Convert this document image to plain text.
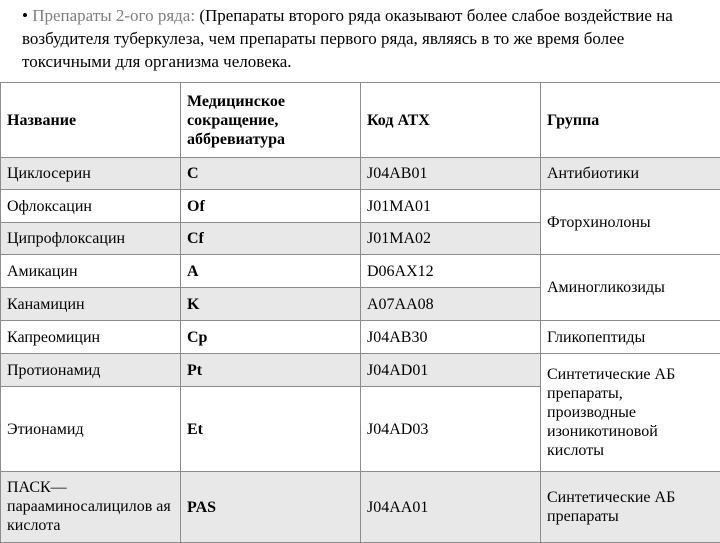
• Препараты 2-ого ряда: (Препараты второго ряда оказывают более слабое воздействие на возбудителя туберкулеза, чем препараты первого ряда, являясь в то же время более токсичными для организма человека.

Название	Медицинское сокращение, аббревиатура	Код АТХ	Группа
Циклосерин	C	J04AB01	Антибиотики
Офлоксацин	Of	J01MA01	Фторхинолоны
Ципрофлоксацин	Cf	J01MA02	
Амикацин	A	D06AX12	Аминогликозиды
Канамицин	K	A07AA08	
Капреомицин	Cp	J04AB30	Гликопептиды
Протионамид	Pt	J04AD01	Синтетические АБ препараты, производные изоникотиновой кислоты
Этионамид	Et	J04AD03	
ПАСК— парааминосалицилов ая кислота	PAS	J04AA01	Синтетические АБ препараты
